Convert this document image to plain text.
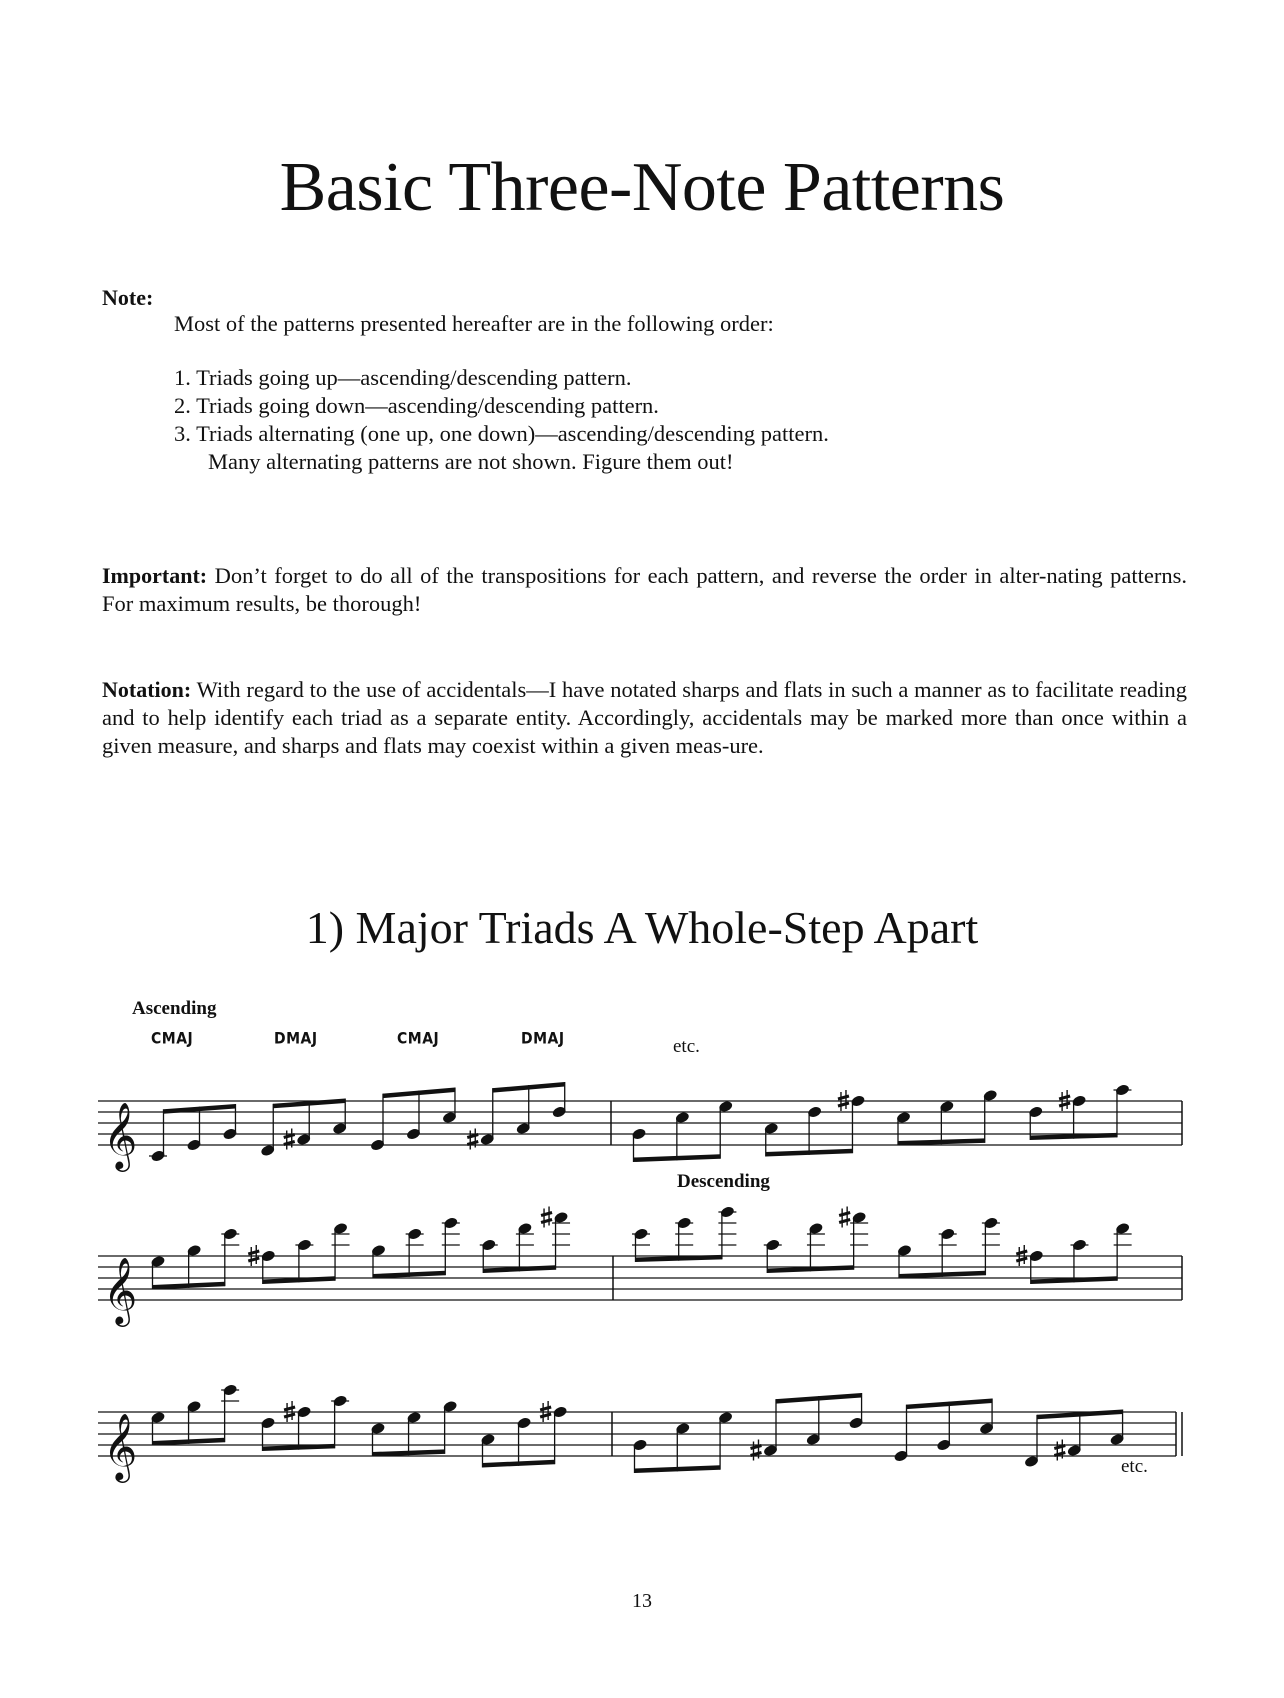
Basic Three-Note Patterns
Note:
Most of the patterns presented hereafter are in the following order:
1. Triads going up—ascending/descending pattern.
2. Triads going down—ascending/descending pattern.
3. Triads alternating (one up, one down)—ascending/descending pattern.
Many alternating patterns are not shown. Figure them out!
Important: Don’t forget to do all of the transpositions for each pattern, and reverse the order in alter-nating patterns. For maximum results, be thorough!
Notation: With regard to the use of accidentals—I have notated sharps and flats in such a manner as to facilitate reading and to help identify each triad as a separate entity. Accordingly, accidentals may be marked more than once within a given measure, and sharps and flats may coexist within a given meas-ure.
1) Major Triads A Whole-Step Apart
Ascending
CMAJ	DMAJ	CMAJ	DMAJ	etc.
Descending
etc.
𝄞
𝄞
𝄞
13
